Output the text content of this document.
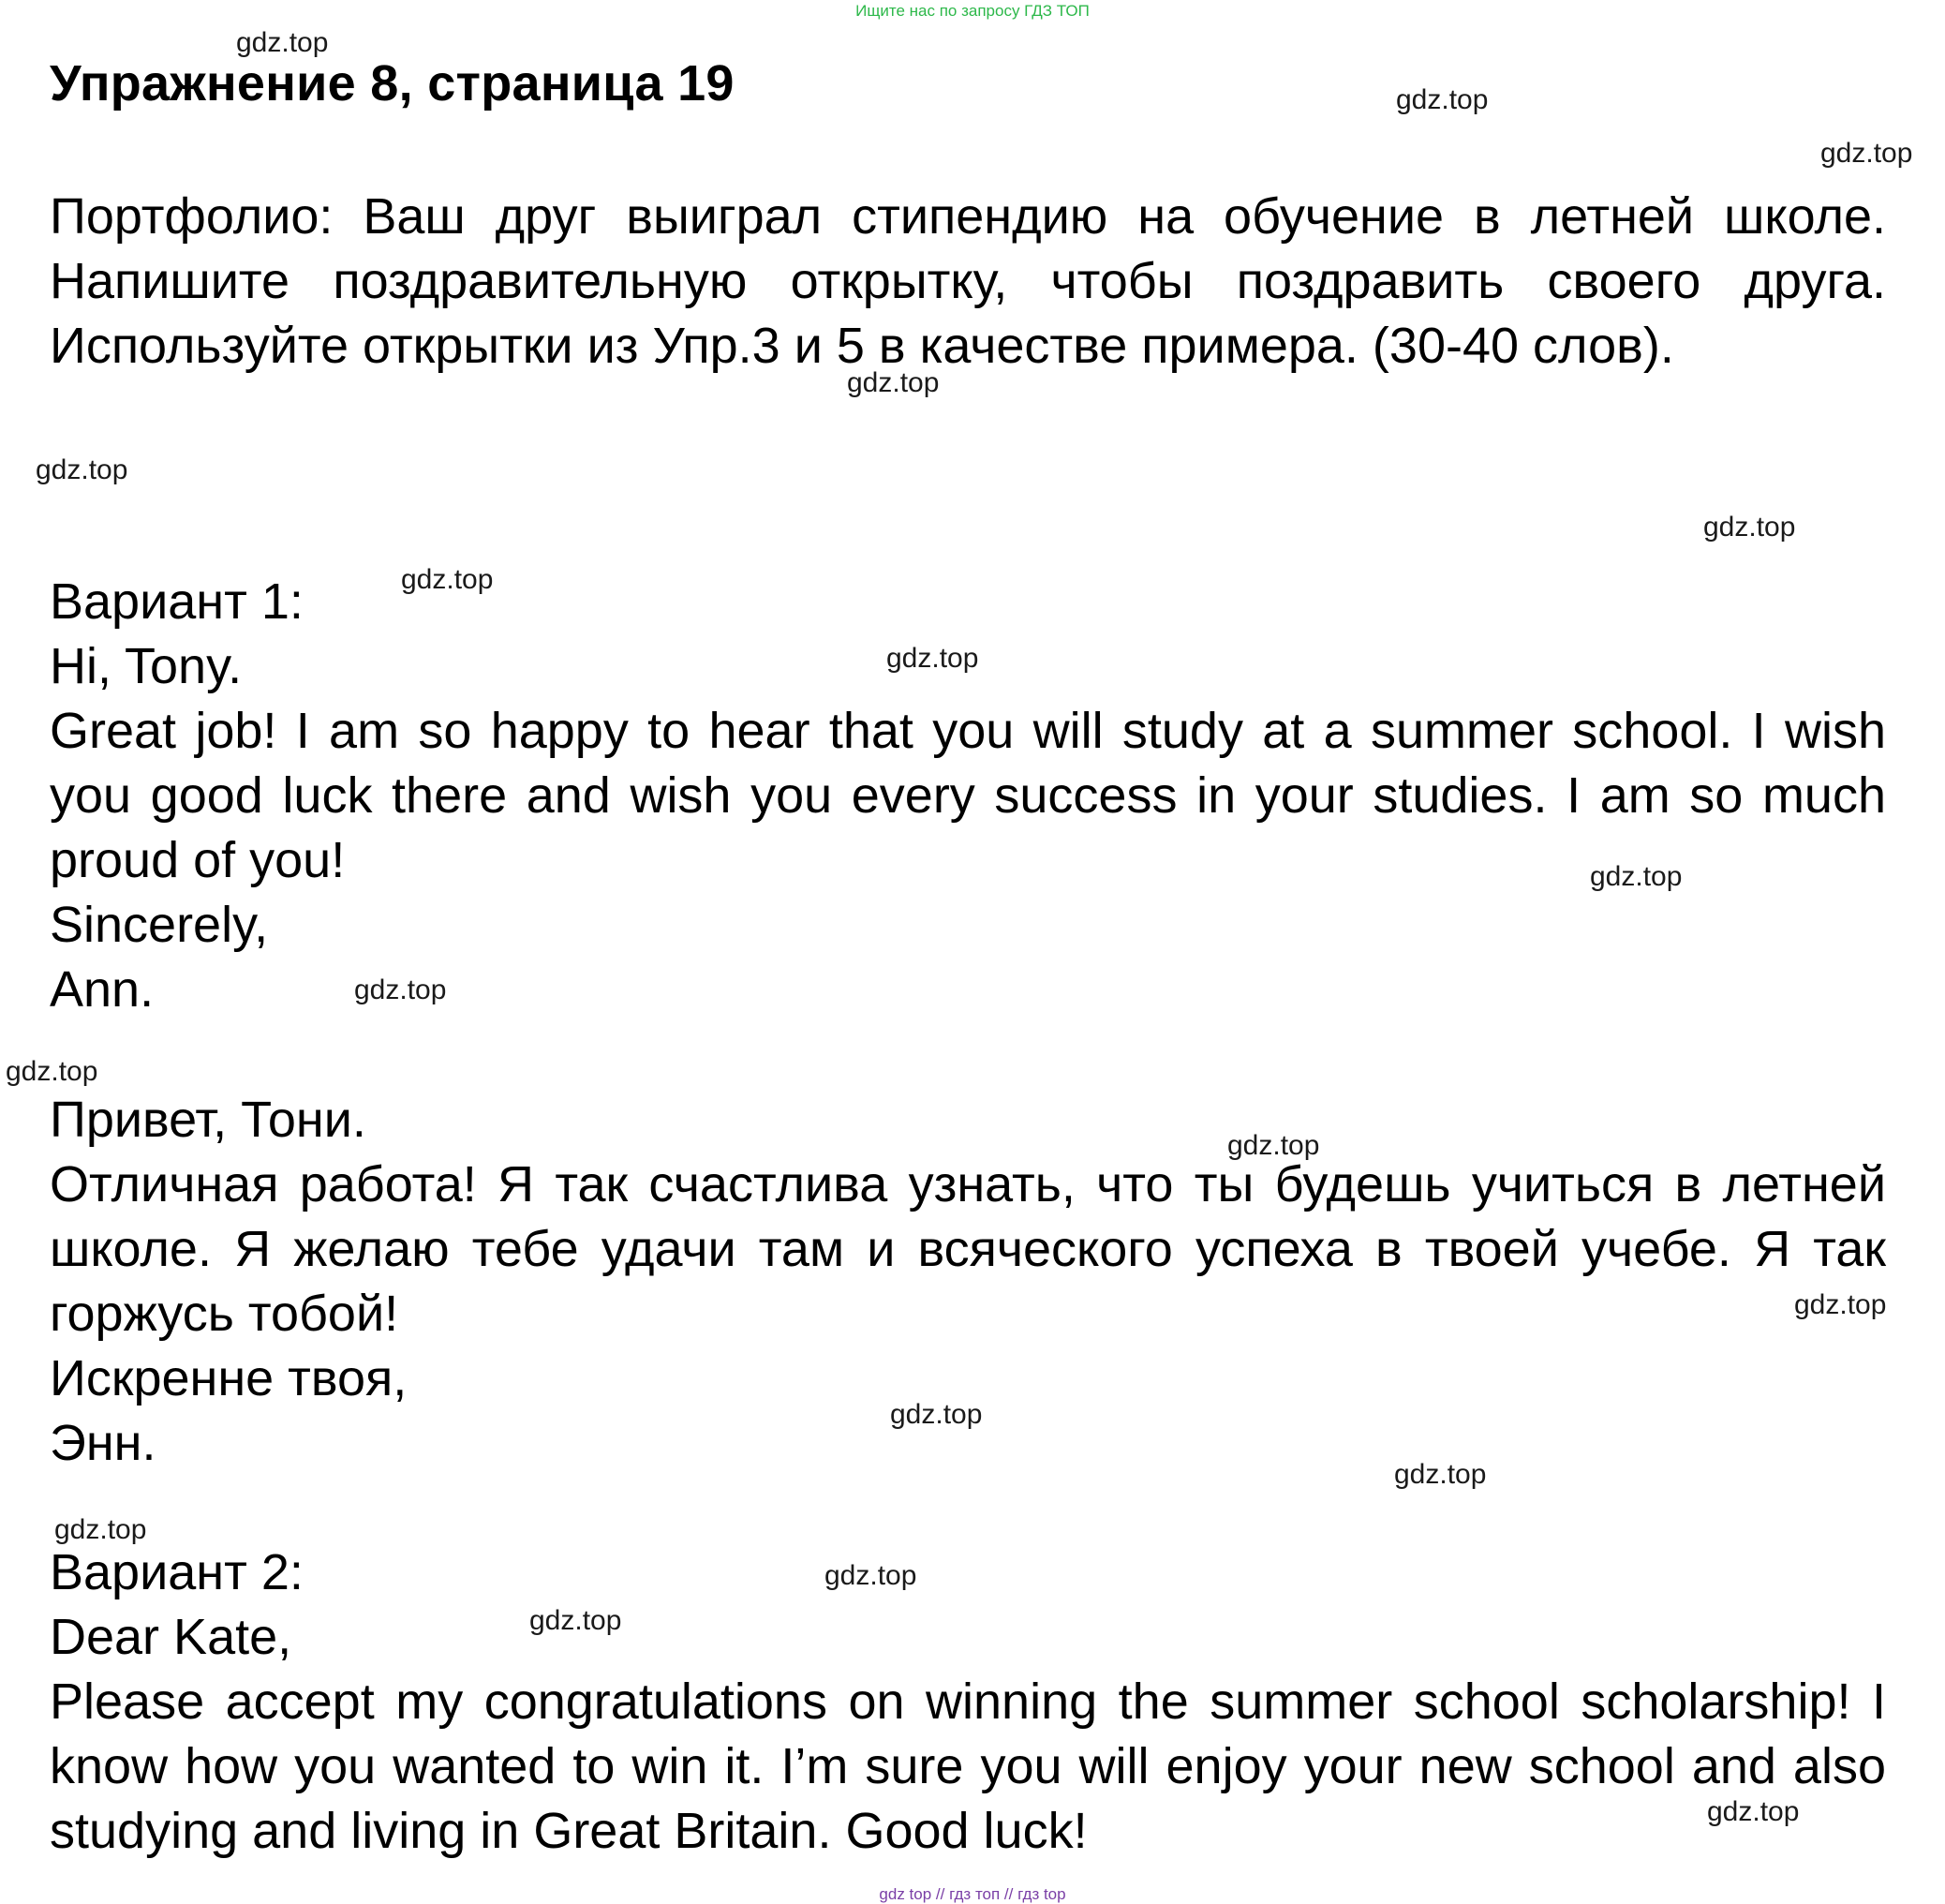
Ищите нас по запросу ГДЗ ТОП
Упражнение 8, страница 19

Портфолио: Ваш друг выиграл стипендию на обучение в летней школе. Напишите поздравительную открытку, чтобы поздравить своего друга. Используйте открытки из Упр.3 и 5 в качестве примера. (30-40 слов).

Вариант 1:

Hi, Tony.

Great job! I am so happy to hear that you will study at a summer school. I wish you good luck there and wish you every success in your studies. I am so much proud of you!

Sincerely,

Ann.

Привет, Тони.

Отличная работа! Я так счастлива узнать, что ты будешь учиться в летней школе. Я желаю тебе удачи там и всяческого успеха в твоей учебе. Я так горжусь тобой!

Искренне твоя,

Энн.

Вариант 2:

Dear Kate,

Please accept my congratulations on winning the summer school scholarship! I know how you wanted to win it. I’m sure you will enjoy your new school and also studying and living in Great Britain. Good luck!

gdz.top
gdz.top
gdz.top
gdz.top
gdz.top
gdz.top
gdz.top
gdz.top
gdz.top
gdz.top
gdz.top
gdz.top
gdz.top
gdz.top
gdz.top
gdz.top
gdz.top
gdz.top
gdz.top
gdz top // гдз топ // гдз top
